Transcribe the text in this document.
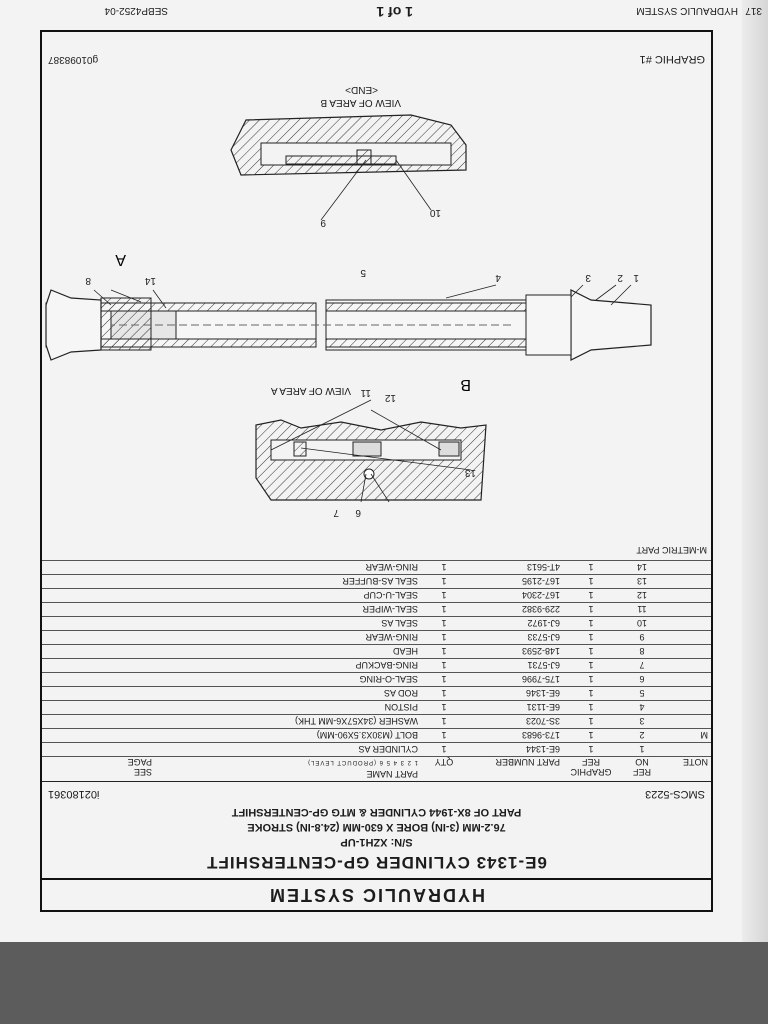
HYDRAULIC SYSTEM
1 of 1
SEBP4252-04	317
HYDRAULIC SYSTEM
6E-1343 CYLINDER GP-CENTERSHIFT
S/N: XZH1-UP
76.2-MM (3-IN) BORE X 630-MM (24.8-IN) STROKE
PART OF 8X-1944 CYLINDER & MTG GP-CENTERSHIFT
SMCS-5223
i02180361
NOTE	REF
NO	GRAPHIC
REF	PART NUMBER	QTY	PART NAME
1 2 3 4 5 6 (PRODUCT LEVEL)	SEE
PAGE
	1	1	6E-1344	1	CYLINDER AS	
M	2	1	173-9683	1	BOLT (M30X3.5X90-MM)	
	3	1	3S-7023	1	WASHER (34X57X6-MM THK)	
	4	1	6E-1131	1	PISTON	
	5	1	6E-1346	1	ROD AS	
	6	1	175-7996	1	SEAL-O-RING	
	7	1	6J-5731	1	RING-BACKUP	
	8	1	148-2593	1	HEAD	
	9	1	6J-5733	1	RING-WEAR	
	10	1	6J-1972	1	SEAL AS	
	11	1	229-9382	1	SEAL-WIPER	
	12	1	167-2304	1	SEAL-U-CUP	
	13	1	167-2195	1	SEAL AS-BUFFER	
	14	1	4T-5613	1	RING-WEAR	
M-METRIC PART
11 12
13
6
7
VIEW OF AREA A
1
2
3
4
5
14
8
A
B
10
9
VIEW OF AREA B
<END>
GRAPHIC #1
g01098387
